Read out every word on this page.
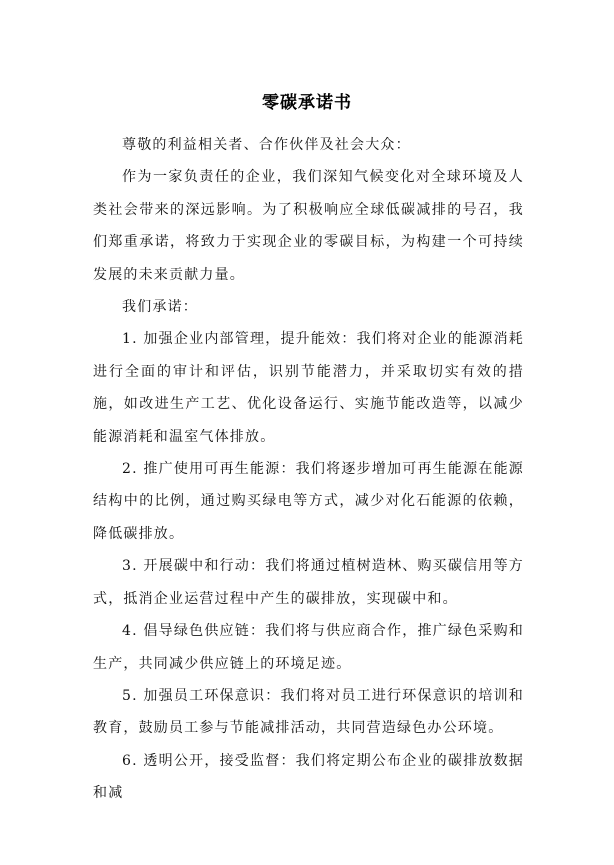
零碳承诺书

尊敬的利益相关者、合作伙伴及社会大众：

作为一家负责任的企业，我们深知气候变化对全球环境及人类社会带来的深远影响。为了积极响应全球低碳减排的号召，我们郑重承诺，将致力于实现企业的零碳目标，为构建一个可持续发展的未来贡献力量。

我们承诺：

1. 加强企业内部管理，提升能效：我们将对企业的能源消耗进行全面的审计和评估，识别节能潜力，并采取切实有效的措施，如改进生产工艺、优化设备运行、实施节能改造等，以减少能源消耗和温室气体排放。

2. 推广使用可再生能源：我们将逐步增加可再生能源在能源结构中的比例，通过购买绿电等方式，减少对化石能源的依赖，降低碳排放。

3. 开展碳中和行动：我们将通过植树造林、购买碳信用等方式，抵消企业运营过程中产生的碳排放，实现碳中和。

4. 倡导绿色供应链：我们将与供应商合作，推广绿色采购和生产，共同减少供应链上的环境足迹。

5. 加强员工环保意识：我们将对员工进行环保意识的培训和教育，鼓励员工参与节能减排活动，共同营造绿色办公环境。

6. 透明公开，接受监督：我们将定期公布企业的碳排放数据和减
